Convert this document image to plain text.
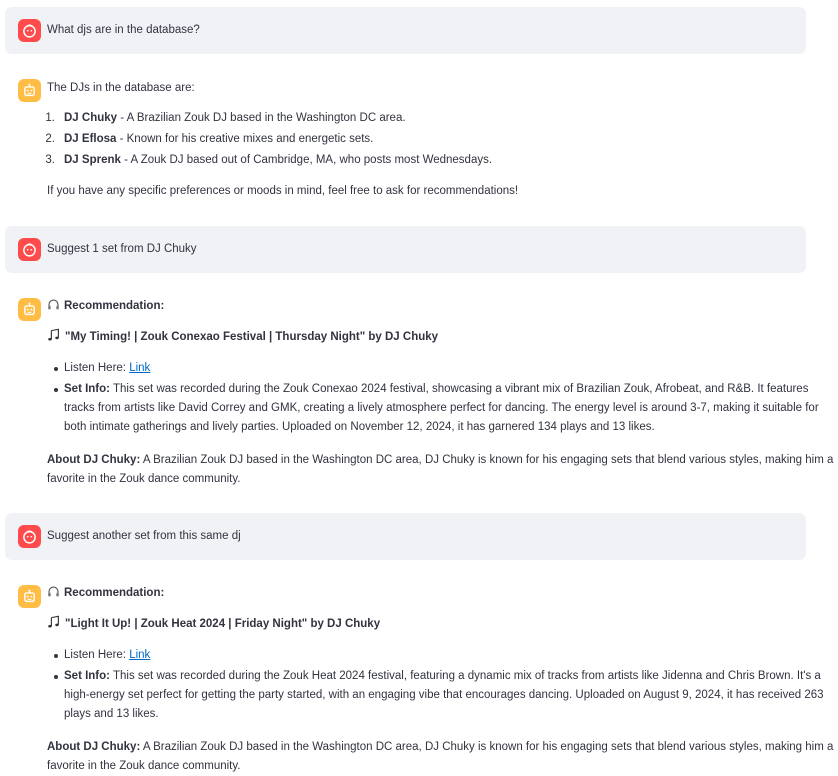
What djs are in the database?
The DJs in the database are:
1. DJ Chuky - A Brazilian Zouk DJ based in the Washington DC area.
2. DJ Eflosa - Known for his creative mixes and energetic sets.
3. DJ Sprenk - A Zouk DJ based out of Cambridge, MA, who posts most Wednesdays.
If you have any specific preferences or moods in mind, feel free to ask for recommendations!
Suggest 1 set from DJ Chuky
Recommendation:
"My Timing! | Zouk Conexao Festival | Thursday Night" by DJ Chuky
Listen Here: Link
Set Info: This set was recorded during the Zouk Conexao 2024 festival, showcasing a vibrant mix of Brazilian Zouk, Afrobeat, and R&B. It features
tracks from artists like David Correy and GMK, creating a lively atmosphere perfect for dancing. The energy level is around 3-7, making it suitable for
both intimate gatherings and lively parties. Uploaded on November 12, 2024, it has garnered 134 plays and 13 likes.
About DJ Chuky: A Brazilian Zouk DJ based in the Washington DC area, DJ Chuky is known for his engaging sets that blend various styles, making him a
favorite in the Zouk dance community.
Suggest another set from this same dj
Recommendation:
"Light It Up! | Zouk Heat 2024 | Friday Night" by DJ Chuky
Listen Here: Link
Set Info: This set was recorded during the Zouk Heat 2024 festival, featuring a dynamic mix of tracks from artists like Jidenna and Chris Brown. It's a
high-energy set perfect for getting the party started, with an engaging vibe that encourages dancing. Uploaded on August 9, 2024, it has received 263
plays and 13 likes.
About DJ Chuky: A Brazilian Zouk DJ based in the Washington DC area, DJ Chuky is known for his engaging sets that blend various styles, making him a
favorite in the Zouk dance community.
